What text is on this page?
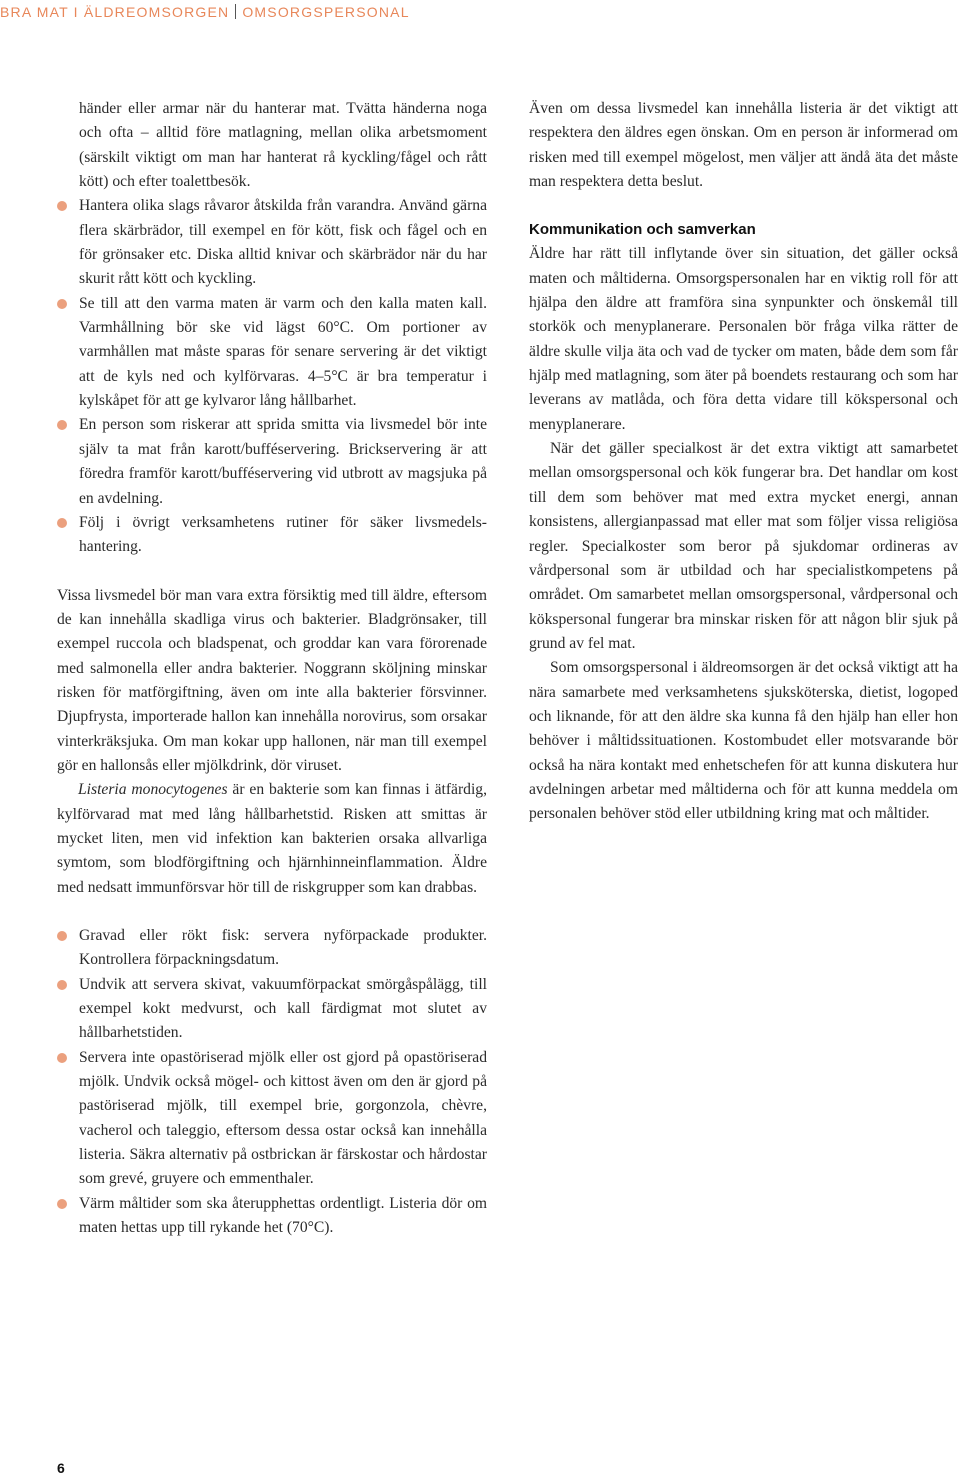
BRA MAT I ÄLDREOMSORGEN OMSORGSPERSONAL

händer eller armar när du hanterar mat. Tvätta händerna noga och ofta – alltid före matlagning, mellan olika arbetsmoment (särskilt viktigt om man har hanterat rå kyckling/fågel och rått kött) och efter toalettbesök.

Hantera olika slags råvaror åtskilda från varandra. Använd gärna flera skärbrädor, till exempel en för kött, fisk och fågel och en för grönsaker etc. Diska alltid knivar och skärbrädor när du har skurit rått kött och kyckling.
Se till att den varma maten är varm och den kalla maten kall. Varmhållning bör ske vid lägst 60°C. Om portioner av varmhållen mat måste sparas för senare servering är det viktigt att de kyls ned och kylförvaras. 4–5°C är bra temperatur i kylskåpet för att ge kylvaror lång hållbarhet.
En person som riskerar att sprida smitta via livsmedel bör inte själv ta mat från karott/bufféservering. Brickservering är att föredra framför karott/bufféservering vid utbrott av magsjuka på en avdelning.
Följ i övrigt verksamhetens rutiner för säker livsmedelshantering.

Vissa livsmedel bör man vara extra försiktig med till äldre, eftersom de kan innehålla skadliga virus och bakterier. Bladgrönsaker, till exempel ruccola och bladspenat, och groddar kan vara förorenade med salmonella eller andra bakterier. Noggrann sköljning minskar risken för matförgiftning, även om inte alla bakterier försvinner. Djupfrysta, importerade hallon kan innehålla norovirus, som orsakar vinterkräksjuka. Om man kokar upp hallonen, när man till exempel gör en hallonsås eller mjölkdrink, dör viruset.

Listeria monocytogenes är en bakterie som kan finnas i ätfärdig, kylförvarad mat med lång hållbarhetstid. Risken att smittas är mycket liten, men vid infektion kan bakterien orsaka allvarliga symtom, som blodförgiftning och hjärnhinneinflammation. Äldre med nedsatt immunförsvar hör till de riskgrupper som kan drabbas.

Gravad eller rökt fisk: servera nyförpackade produkter. Kontrollera förpackningsdatum.
Undvik att servera skivat, vakuumförpackat smörgåspålägg, till exempel kokt medvurst, och kall färdigmat mot slutet av hållbarhetstiden.
Servera inte opastöriserad mjölk eller ost gjord på opastöriserad mjölk. Undvik också mögel- och kittost även om den är gjord på pastöriserad mjölk, till exempel brie, gorgonzola, chèvre, vacherol och taleggio, eftersom dessa ostar också kan innehålla listeria. Säkra alternativ på ostbrickan är färskostar och hårdostar som grevé, gruyere och emmenthaler.
Värm måltider som ska återupphettas ordentligt. Listeria dör om maten hettas upp till rykande het (70°C).

Även om dessa livsmedel kan innehålla listeria är det viktigt att respektera den äldres egen önskan. Om en person är informerad om risken med till exempel mögelost, men väljer att ändå äta det måste man respektera detta beslut.

Kommunikation och samverkan

Äldre har rätt till inflytande över sin situation, det gäller också maten och måltiderna. Omsorgspersonalen har en viktig roll för att hjälpa den äldre att framföra sina synpunkter och önskemål till storkök och menyplanerare. Personalen bör fråga vilka rätter de äldre skulle vilja äta och vad de tycker om maten, både dem som får hjälp med matlagning, som äter på boendets restaurang och som har leverans av matlåda, och föra detta vidare till kökspersonal och menyplanerare.

När det gäller specialkost är det extra viktigt att samarbetet mellan omsorgspersonal och kök fungerar bra. Det handlar om kost till dem som behöver mat med extra mycket energi, annan konsistens, allergianpassad mat eller mat som följer vissa religiösa regler. Specialkoster som beror på sjukdomar ordineras av vårdpersonal som är utbildad och har specialistkompetens på området. Om samarbetet mellan omsorgspersonal, vårdpersonal och kökspersonal fungerar bra minskar risken för att någon blir sjuk på grund av fel mat.

Som omsorgspersonal i äldreomsorgen är det också viktigt att ha nära samarbete med verksamhetens sjuksköterska, dietist, logoped och liknande, för att den äldre ska kunna få den hjälp han eller hon behöver i måltidssituationen. Kostombudet eller motsvarande bör också ha nära kontakt med enhetschefen för att kunna diskutera hur avdelningen arbetar med måltiderna och för att kunna meddela om personalen behöver stöd eller utbildning kring mat och måltider.

6
